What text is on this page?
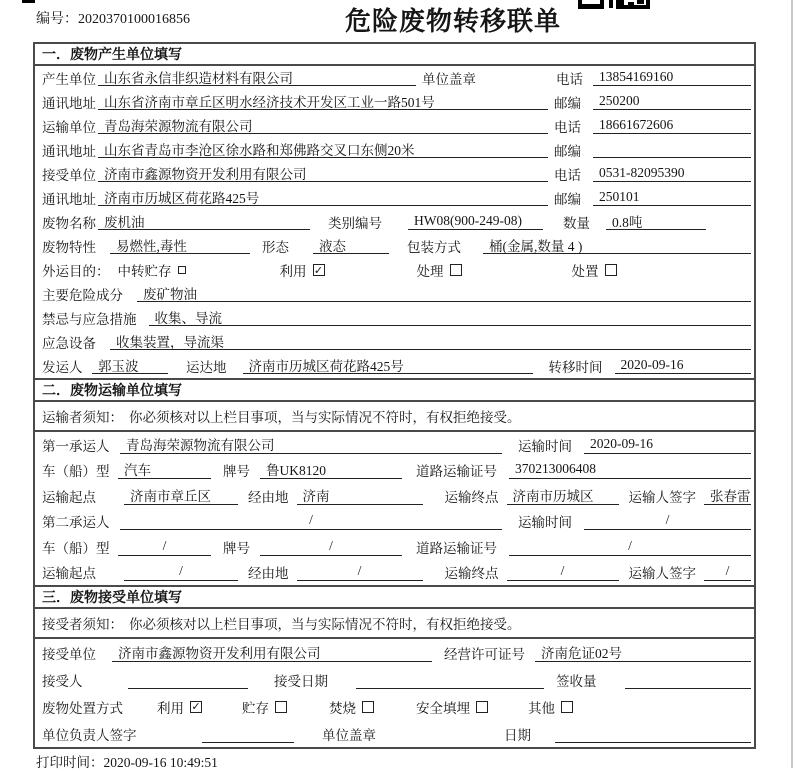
编号：2020370100016856	危险废物转移联单
一．废物产生单位填写
产生单位 山东省永信非织造材料有限公司	单位盖章	电话	13854169160
通讯地址 山东省济南市章丘区明水经济技术开发区工业一路501号	邮编	250200
运输单位 青岛海荣源物流有限公司	电话	18661672606
通讯地址 山东省青岛市李沧区徐水路和郑佛路交叉口东侧20米	邮编
接受单位 济南市鑫源物资开发利用有限公司	电话	0531-82095390
通讯地址 济南市历城区荷花路425号	邮编	250101
废物名称 废机油	类别编号	HW08(900-249-08)	数量	0.8吨
废物特性	易燃性,毒性	形态	液态	包装方式	桶(金属,数量 4 )
外运目的： 中转贮存	利用 ✓	处理	处置
主要危险成分	废矿物油
禁忌与应急措施	收集、导流
应急设备	收集装置，导流渠
发运人	郭玉波	运达地	济南市历城区荷花路425号	转移时间	2020-09-16
二．废物运输单位填写
运输者须知： 你必须核对以上栏目事项，当与实际情况不符时，有权拒绝接受。
第一承运人	青岛海荣源物流有限公司	运输时间	2020-09-16
车（船）型	汽车	牌号	鲁UK8120	道路运输证号	370213006408
运输起点	济南市章丘区	经由地	济南	运输终点	济南市历城区	运输人签字	张春雷
第二承运人	/	运输时间	/
车（船）型	/	牌号	/	道路运输证号	/
运输起点	/	经由地	/	运输终点	/	运输人签字	/
三．废物接受单位填写
接受者须知： 你必须核对以上栏目事项，当与实际情况不符时，有权拒绝接受。
接受单位	济南市鑫源物资开发利用有限公司	经营许可证号	济南危证02号
接受人	接受日期	签收量
废物处置方式	利用 ✓	贮存	焚烧	安全填埋	其他
单位负责人签字	单位盖章	日期
打印时间：2020-09-16 10:49:51
